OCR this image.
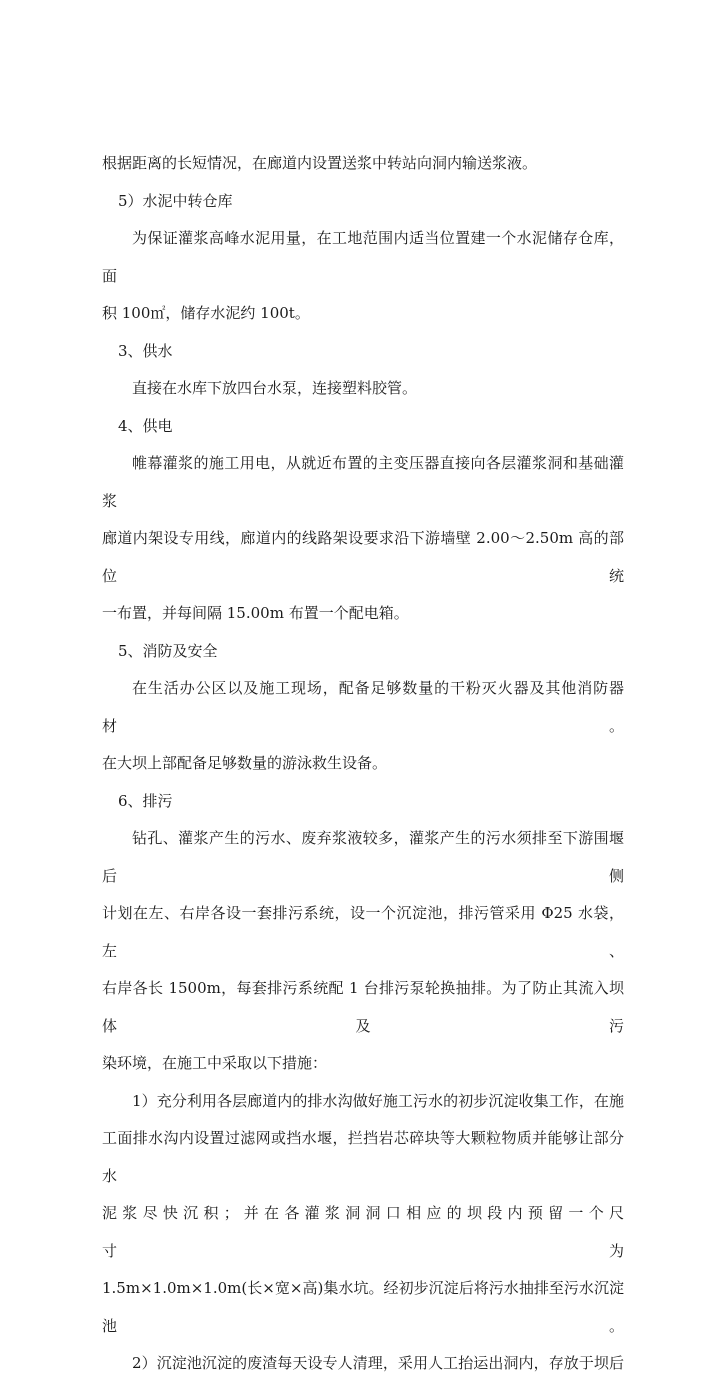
根据距离的长短情况，在廊道内设置送浆中转站向洞内输送浆液。

5）水泥中转仓库

为保证灌浆高峰水泥用量，在工地范围内适当位置建一个水泥储存仓库，面

积 100㎡，储存水泥约 100t。

3、供水

直接在水库下放四台水泵，连接塑料胶管。

4、供电

帷幕灌浆的施工用电，从就近布置的主变压器直接向各层灌浆洞和基础灌浆

廊道内架设专用线，廊道内的线路架设要求沿下游墙壁 2.00～2.50m 高的部位统

一布置，并每间隔 15.00m 布置一个配电箱。

5、消防及安全

在生活办公区以及施工现场，配备足够数量的干粉灭火器及其他消防器材。

在大坝上部配备足够数量的游泳救生设备。

6、排污

钻孔、灌浆产生的污水、废弃浆液较多，灌浆产生的污水须排至下游围堰后侧

计划在左、右岸各设一套排污系统，设一个沉淀池，排污管采用 Φ25 水袋，左、

右岸各长 1500m，每套排污系统配 1 台排污泵轮换抽排。为了防止其流入坝体及污

染环境，在施工中采取以下措施：

1）充分利用各层廊道内的排水沟做好施工污水的初步沉淀收集工作，在施

工面排水沟内设置过滤网或挡水堰，拦挡岩芯碎块等大颗粒物质并能够让部分水

泥 浆 尽 快 沉 积 ； 并 在 各 灌 浆 洞 洞 口 相 应 的 坝 段 内 预 留 一 个 尺 寸 为

1.5m×1.0m×1.0m(长×宽×高)集水坑。经初步沉淀后将污水抽排至污水沉淀池。

2）沉淀池沉淀的废渣每天设专人清理，采用人工抬运出洞内，存放于坝后
